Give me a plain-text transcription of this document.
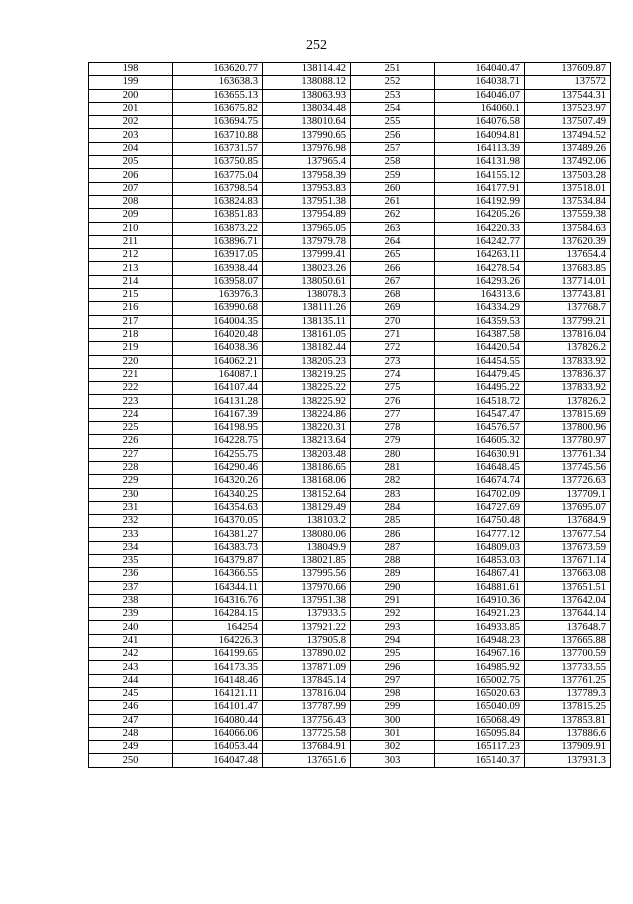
252
198	163620.77	138114.42	251	164040.47	137609.87
199	163638.3	138088.12	252	164038.71	137572
200	163655.13	138063.93	253	164046.07	137544.31
201	163675.82	138034.48	254	164060.1	137523.97
202	163694.75	138010.64	255	164076.58	137507.49
203	163710.88	137990.65	256	164094.81	137494.52
204	163731.57	137976.98	257	164113.39	137489.26
205	163750.85	137965.4	258	164131.98	137492.06
206	163775.04	137958.39	259	164155.12	137503.28
207	163798.54	137953.83	260	164177.91	137518.01
208	163824.83	137951.38	261	164192.99	137534.84
209	163851.83	137954.89	262	164205.26	137559.38
210	163873.22	137965.05	263	164220.33	137584.63
211	163896.71	137979.78	264	164242.77	137620.39
212	163917.05	137999.41	265	164263.11	137654.4
213	163938.44	138023.26	266	164278.54	137683.85
214	163958.07	138050.61	267	164293.26	137714.01
215	163976.3	138078.3	268	164313.6	137743.81
216	163990.68	138111.26	269	164334.29	137768.7
217	164004.35	138135.11	270	164359.53	137799.21
218	164020.48	138161.05	271	164387.58	137816.04
219	164038.36	138182.44	272	164420.54	137826.2
220	164062.21	138205.23	273	164454.55	137833.92
221	164087.1	138219.25	274	164479.45	137836.37
222	164107.44	138225.22	275	164495.22	137833.92
223	164131.28	138225.92	276	164518.72	137826.2
224	164167.39	138224.86	277	164547.47	137815.69
225	164198.95	138220.31	278	164576.57	137800.96
226	164228.75	138213.64	279	164605.32	137780.97
227	164255.75	138203.48	280	164630.91	137761.34
228	164290.46	138186.65	281	164648.45	137745.56
229	164320.26	138168.06	282	164674.74	137726.63
230	164340.25	138152.64	283	164702.09	137709.1
231	164354.63	138129.49	284	164727.69	137695.07
232	164370.05	138103.2	285	164750.48	137684.9
233	164381.27	138080.06	286	164777.12	137677.54
234	164383.73	138049.9	287	164809.03	137673.59
235	164379.87	138021.85	288	164853.03	137671.14
236	164366.55	137995.56	289	164867.41	137663.08
237	164344.11	137970.66	290	164881.61	137651.51
238	164316.76	137951.38	291	164910.36	137642.04
239	164284.15	137933.5	292	164921.23	137644.14
240	164254	137921.22	293	164933.85	137648.7
241	164226.3	137905.8	294	164948.23	137665.88
242	164199.65	137890.02	295	164967.16	137700.59
243	164173.35	137871.09	296	164985.92	137733.55
244	164148.46	137845.14	297	165002.75	137761.25
245	164121.11	137816.04	298	165020.63	137789.3
246	164101.47	137787.99	299	165040.09	137815.25
247	164080.44	137756.43	300	165068.49	137853.81
248	164066.06	137725.58	301	165095.84	137886.6
249	164053.44	137684.91	302	165117.23	137909.91
250	164047.48	137651.6	303	165140.37	137931.3
